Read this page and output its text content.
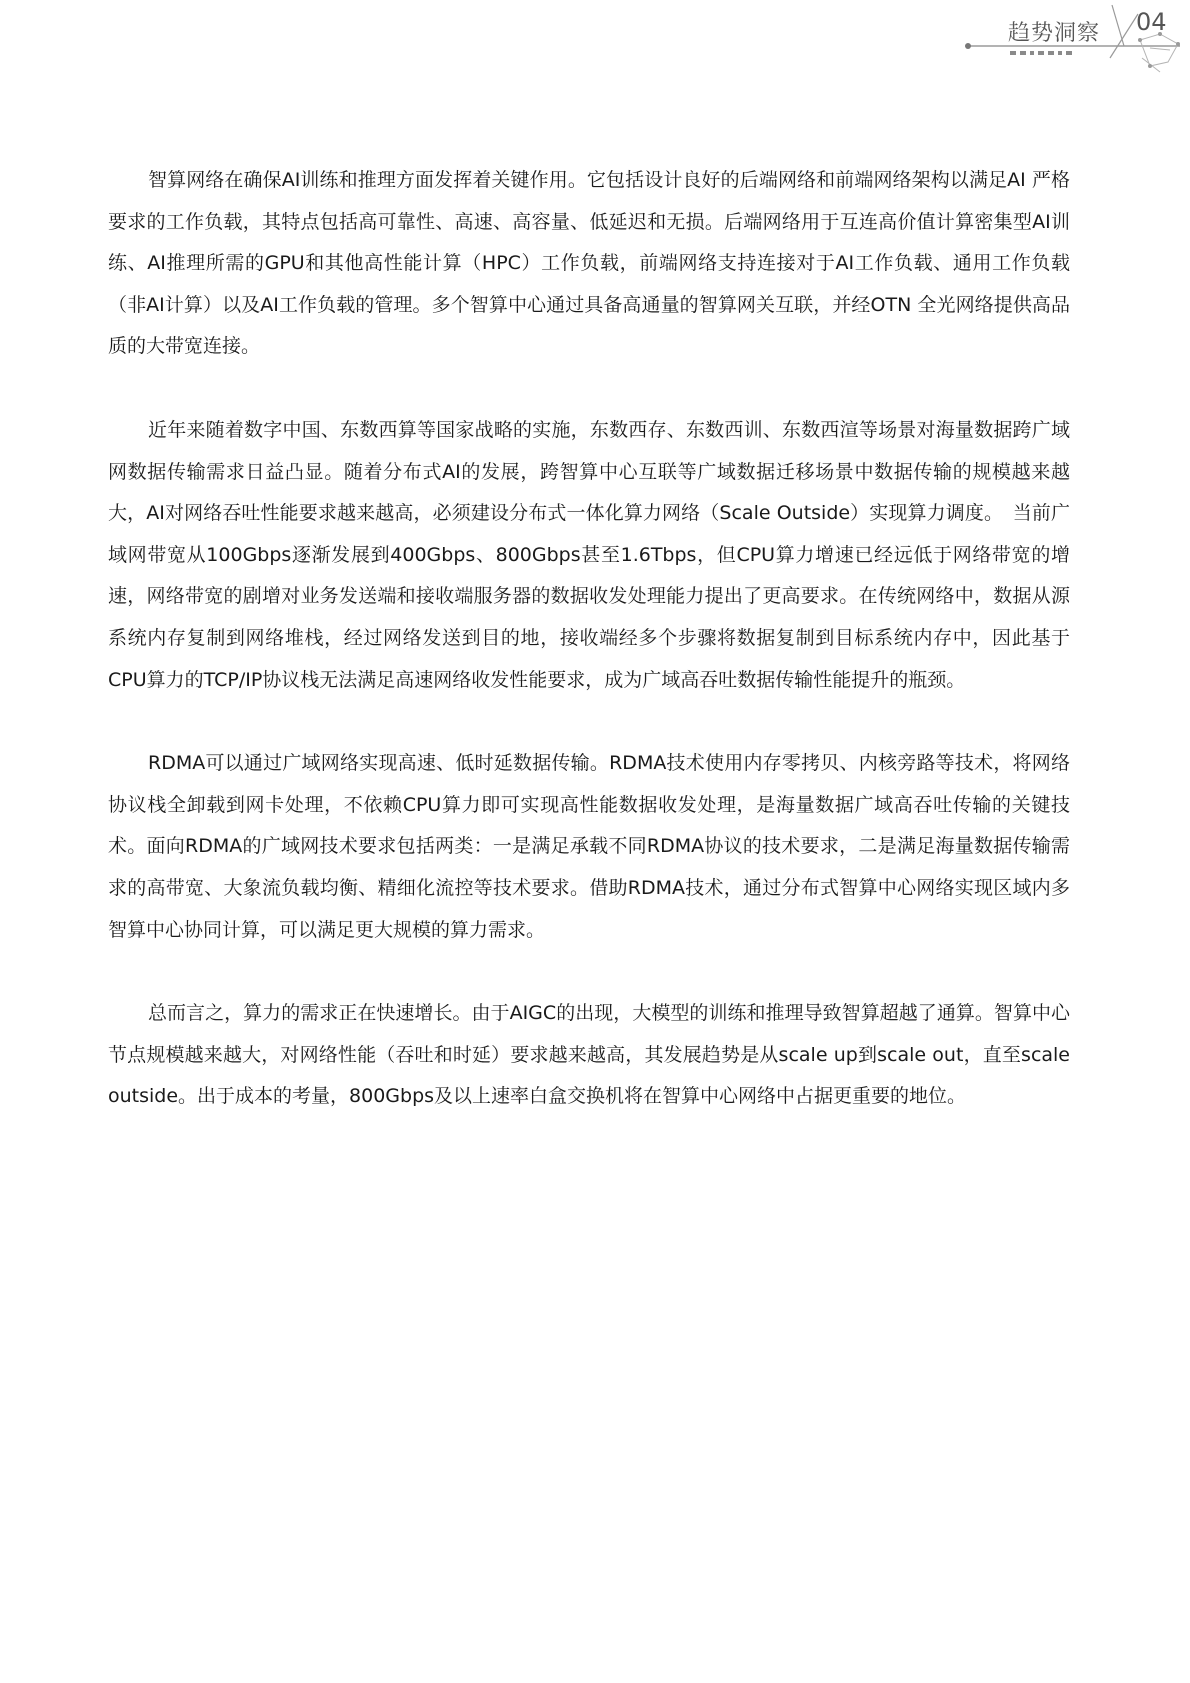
趋势洞察 04

智算网络在确保AI训练和推理方面发挥着关键作用。它包括设计良好的后端网络和前端网络架构以满足AI 严格要求的工作负载，其特点包括高可靠性、高速、高容量、低延迟和无损。后端网络用于互连高价值计算密集型AI训练、AI推理所需的GPU和其他高性能计算（HPC）工作负载，前端网络支持连接对于AI工作负载、通用工作负载（非AI计算）以及AI工作负载的管理。多个智算中心通过具备高通量的智算网关互联，并经OTN 全光网络提供高品质的大带宽连接。

近年来随着数字中国、东数西算等国家战略的实施，东数西存、东数西训、东数西渲等场景对海量数据跨广域网数据传输需求日益凸显。随着分布式AI的发展，跨智算中心互联等广域数据迁移场景中数据传输的规模越来越大，AI对网络吞吐性能要求越来越高，必须建设分布式一体化算力网络（Scale Outside）实现算力调度。　当前广域网带宽从100Gbps逐渐发展到400Gbps、800Gbps甚至1.6Tbps，但CPU算力增速已经远低于网络带宽的增速，网络带宽的剧增对业务发送端和接收端服务器的数据收发处理能力提出了更高要求。在传统网络中，数据从源系统内存复制到网络堆栈，经过网络发送到目的地，接收端经多个步骤将数据复制到目标系统内存中，因此基于CPU算力的TCP/IP协议栈无法满足高速网络收发性能要求，成为广域高吞吐数据传输性能提升的瓶颈。

RDMA可以通过广域网络实现高速、低时延数据传输。RDMA技术使用内存零拷贝、内核旁路等技术，将网络协议栈全卸载到网卡处理，不依赖CPU算力即可实现高性能数据收发处理，是海量数据广域高吞吐传输的关键技术。面向RDMA的广域网技术要求包括两类：一是满足承载不同RDMA协议的技术要求，二是满足海量数据传输需求的高带宽、大象流负载均衡、精细化流控等技术要求。借助RDMA技术，通过分布式智算中心网络实现区域内多智算中心协同计算，可以满足更大规模的算力需求。

总而言之，算力的需求正在快速增长。由于AIGC的出现，大模型的训练和推理导致智算超越了通算。智算中心节点规模越来越大，对网络性能（吞吐和时延）要求越来越高，其发展趋势是从scale up到scale out，直至scale outside。出于成本的考量，800Gbps及以上速率白盒交换机将在智算中心网络中占据更重要的地位。
